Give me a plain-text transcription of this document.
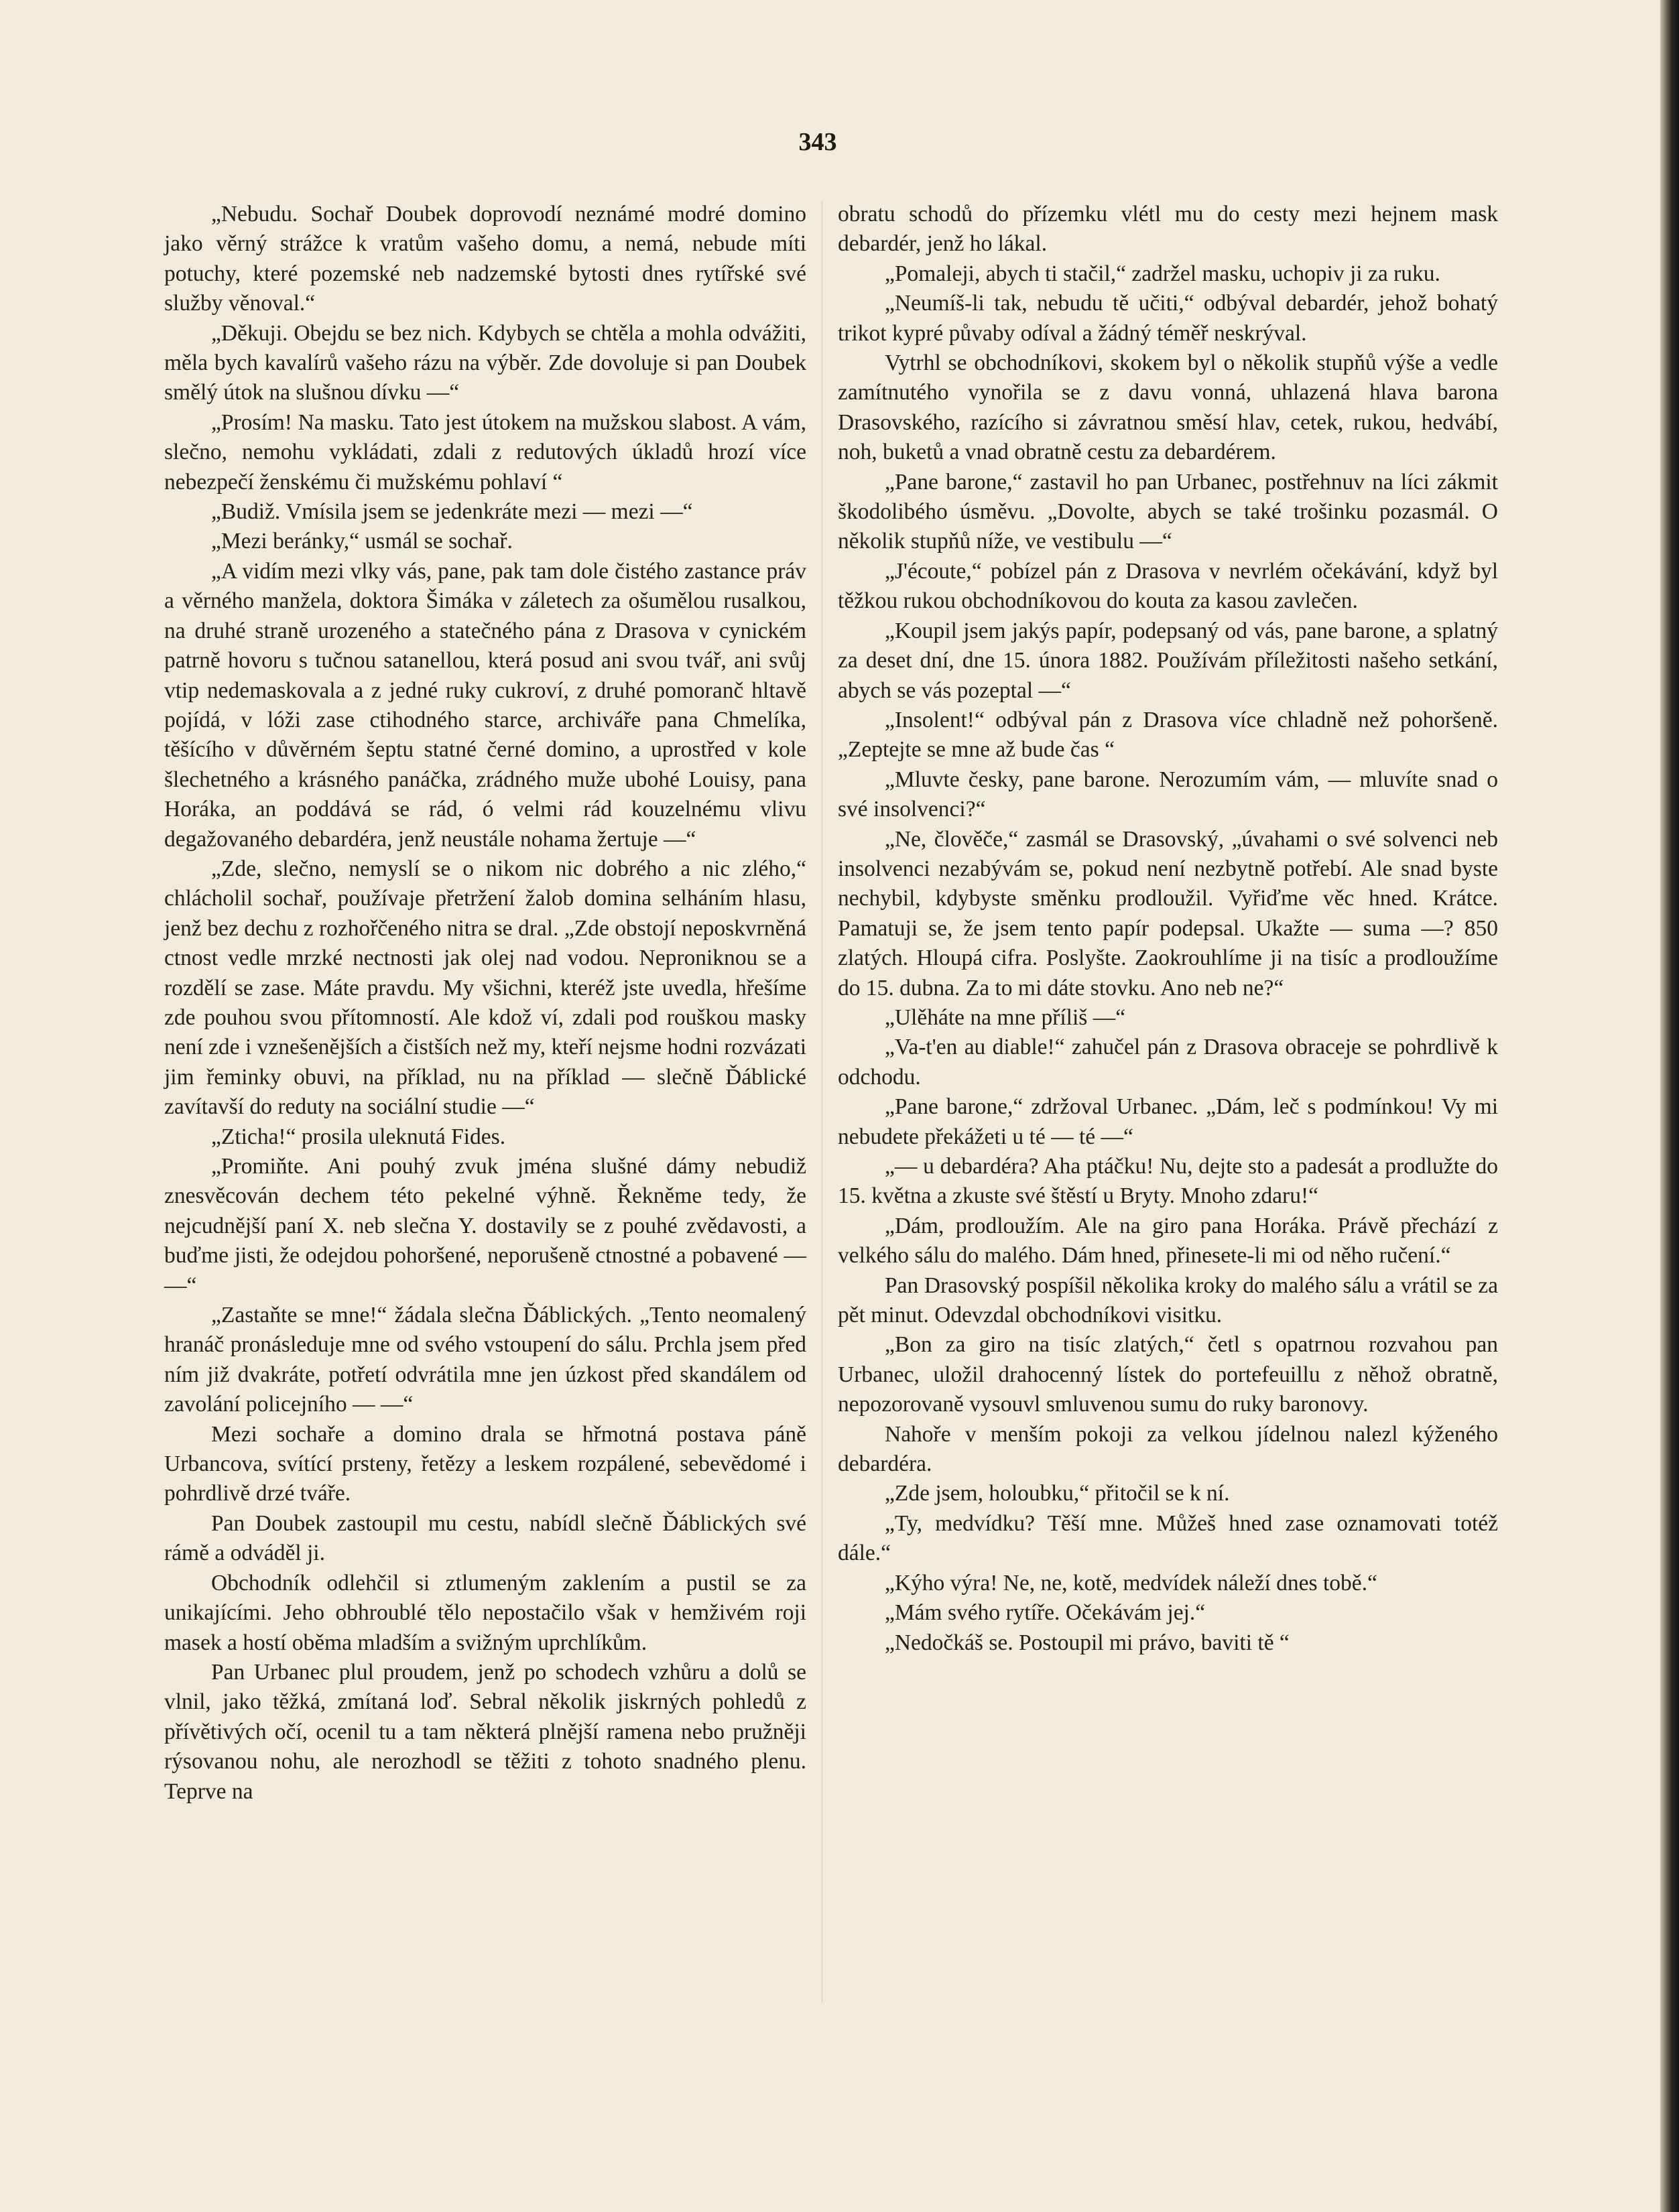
343

„Nebudu. Sochař Doubek doprovodí neznámé modré domino jako věrný strážce k vratům vašeho domu, a nemá, nebude míti potuchy, které pozemské neb nadzemské bytosti dnes rytířské své služby věnoval.“

„Děkuji. Obejdu se bez nich. Kdybych se chtěla a mohla odvážiti, měla bych kavalírů vašeho rázu na výběr. Zde dovoluje si pan Doubek smělý útok na slušnou dívku —“

„Prosím! Na masku. Tato jest útokem na mužskou slabost. A vám, slečno, nemohu vykládati, zdali z redutových úkladů hrozí více nebezpečí ženskému či mužskému pohlaví “

„Budiž. Vmísila jsem se jedenkráte mezi — mezi —“

„Mezi beránky,“ usmál se sochař.

„A vidím mezi vlky vás, pane, pak tam dole čistého zastance práv a věrného manžela, doktora Šimáka v záletech za ošumělou rusalkou, na druhé straně urozeného a statečného pána z Drasova v cynickém patrně hovoru s tučnou satanellou, která posud ani svou tvář, ani svůj vtip nedemaskovala a z jedné ruky cukroví, z druhé pomoranč hltavě pojídá, v lóži zase ctihodného starce, archiváře pana Chmelíka, těšícího v důvěrném šeptu statné černé domino, a uprostřed v kole šlechetného a krásného panáčka, zrádného muže ubohé Louisy, pana Horáka, an poddává se rád, ó velmi rád kouzelnému vlivu degažovaného debardéra, jenž neustále nohama žertuje —“

„Zde, slečno, nemyslí se o nikom nic dobrého a nic zlého,“ chlácholil sochař, používaje přetržení žalob domina selháním hlasu, jenž bez dechu z rozhořčeného nitra se dral. „Zde obstojí neposkvrněná ctnost vedle mrzké nectnosti jak olej nad vodou. Neproniknou se a rozdělí se zase. Máte pravdu. My všichni, kteréž jste uvedla, hřešíme zde pouhou svou přítomností. Ale kdož ví, zdali pod rouškou masky není zde i vznešenějších a čistších než my, kteří nejsme hodni rozvázati jim řeminky obuvi, na příklad, nu na příklad — slečně Ďáblické zavítavší do reduty na sociální studie —“

„Zticha!“ prosila uleknutá Fides.

„Promiňte. Ani pouhý zvuk jména slušné dámy nebudiž znesvěcován dechem této pekelné výhně. Řekněme tedy, že nejcudnější paní X. neb slečna Y. dostavily se z pouhé zvědavosti, a buďme jisti, že odejdou pohoršené, neporušeně ctnostné a pobavené — —“

„Zastaňte se mne!“ žádala slečna Ďáblických. „Tento neomalený hranáč pronásleduje mne od svého vstoupení do sálu. Prchla jsem před ním již dvakráte, potřetí odvrátila mne jen úzkost před skandálem od zavolání policejního — —“

Mezi sochaře a domino drala se hřmotná postava páně Urbancova, svítící prsteny, řetězy a leskem rozpálené, sebevědomé i pohrdlivě drzé tváře.

Pan Doubek zastoupil mu cestu, nabídl slečně Ďáblických své rámě a odváděl ji.

Obchodník odlehčil si ztlumeným zaklením a pustil se za unikajícími. Jeho obhroublé tělo nepostačilo však v hemživém roji masek a hostí oběma mladším a svižným uprchlíkům.

Pan Urbanec plul proudem, jenž po schodech vzhůru a dolů se vlnil, jako těžká, zmítaná loď. Sebral několik jiskrných pohledů z přívětivých očí, ocenil tu a tam některá plnější ramena nebo pružněji rýsovanou nohu, ale nerozhodl se těžiti z tohoto snadného plenu. Teprve na

obratu schodů do přízemku vlétl mu do cesty mezi hejnem mask debardér, jenž ho lákal.

„Pomaleji, abych ti stačil,“ zadržel masku, uchopiv ji za ruku.

„Neumíš-li tak, nebudu tě učiti,“ odbýval debardér, jehož bohatý trikot kypré půvaby odíval a žádný téměř neskrýval.

Vytrhl se obchodníkovi, skokem byl o několik stupňů výše a vedle zamítnutého vynořila se z davu vonná, uhlazená hlava barona Drasovského, razícího si závratnou směsí hlav, cetek, rukou, hedvábí, noh, buketů a vnad obratně cestu za debardérem.

„Pane barone,“ zastavil ho pan Urbanec, postřehnuv na líci zákmit škodolibého úsměvu. „Dovolte, abych se také trošinku pozasmál. O několik stupňů níže, ve vestibulu —“

„J'écoute,“ pobízel pán z Drasova v nevrlém očekávání, když byl těžkou rukou obchodníkovou do kouta za kasou zavlečen.

„Koupil jsem jakýs papír, podepsaný od vás, pane barone, a splatný za deset dní, dne 15. února 1882. Používám příležitosti našeho setkání, abych se vás pozeptal —“

„Insolent!“ odbýval pán z Drasova více chladně než pohoršeně. „Zeptejte se mne až bude čas “

„Mluvte česky, pane barone. Nerozumím vám, — mluvíte snad o své insolvenci?“

„Ne, člověče,“ zasmál se Drasovský, „úvahami o své solvenci neb insolvenci nezabývám se, pokud není nezbytně potřebí. Ale snad byste nechybil, kdybyste směnku prodloužil. Vyřiďme věc hned. Krátce. Pamatuji se, že jsem tento papír podepsal. Ukažte — suma —? 850 zlatých. Hloupá cifra. Poslyšte. Zaokrouhlíme ji na tisíc a prodloužíme do 15. dubna. Za to mi dáte stovku. Ano neb ne?“

„Ulěháte na mne příliš —“

„Va-t'en au diable!“ zahučel pán z Drasova obraceje se pohrdlivě k odchodu.

„Pane barone,“ zdržoval Urbanec. „Dám, leč s podmínkou! Vy mi nebudete překážeti u té — té —“

„— u debardéra? Aha ptáčku! Nu, dejte sto a padesát a prodlužte do 15. května a zkuste své štěstí u Bryty. Mnoho zdaru!“

„Dám, prodloužím. Ale na giro pana Horáka. Právě přechází z velkého sálu do malého. Dám hned, přinesete-li mi od něho ručení.“

Pan Drasovský pospíšil několika kroky do malého sálu a vrátil se za pět minut. Odevzdal obchodníkovi visitku.

„Bon za giro na tisíc zlatých,“ četl s opatrnou rozvahou pan Urbanec, uložil drahocenný lístek do portefeuillu z něhož obratně, nepozorovaně vysouvl smluvenou sumu do ruky baronovy.

Nahoře v menším pokoji za velkou jídelnou nalezl kýženého debardéra.

„Zde jsem, holoubku,“ přitočil se k ní.

„Ty, medvídku? Těší mne. Můžeš hned zase oznamovati totéž dále.“

„Kýho výra! Ne, ne, kotě, medvídek náleží dnes tobě.“

„Mám svého rytíře. Očekávám jej.“

„Nedočkáš se. Postoupil mi právo, baviti tě “
